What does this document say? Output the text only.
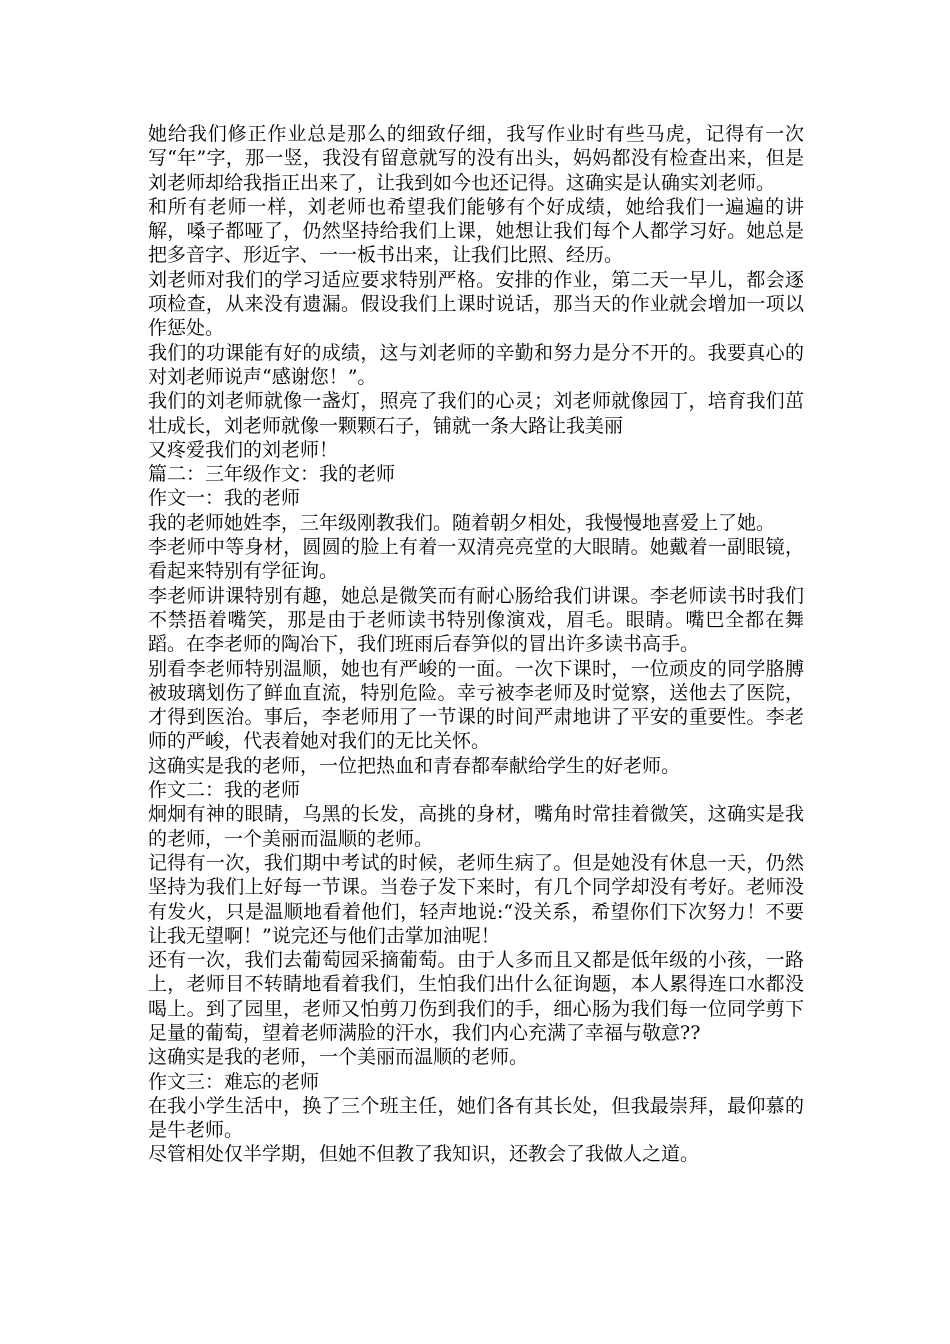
她给我们修正作业总是那么的细致仔细，我写作业时有些马虎，记得有一次写“年”字，那一竖，我没有留意就写的没有出头，妈妈都没有检查出来，但是刘老师却给我指正出来了，让我到如今也还记得。这确实是认确实刘老师。

和所有老师一样，刘老师也希望我们能够有个好成绩，她给我们一遍遍的讲解，嗓子都哑了，仍然坚持给我们上课，她想让我们每个人都学习好。她总是把多音字、形近字、一一板书出来，让我们比照、经历。

刘老师对我们的学习适应要求特别严格。安排的作业，第二天一早儿，都会逐项检查，从来没有遗漏。假设我们上课时说话，那当天的作业就会增加一项以作惩处。

我们的功课能有好的成绩，这与刘老师的辛勤和努力是分不开的。我要真心的对刘老师说声“感谢您！”。

我们的刘老师就像一盏灯，照亮了我们的心灵；刘老师就像园丁，培育我们茁壮成长，刘老师就像一颗颗石子，铺就一条大路让我美丽

又疼爱我们的刘老师！

篇二：三年级作文：我的老师

作文一：我的老师

我的老师她姓李，三年级刚教我们。随着朝夕相处，我慢慢地喜爱上了她。

李老师中等身材，圆圆的脸上有着一双清亮亮堂的大眼睛。她戴着一副眼镜，看起来特别有学征询。

李老师讲课特别有趣，她总是微笑而有耐心肠给我们讲课。李老师读书时我们不禁捂着嘴笑，那是由于老师读书特别像演戏，眉毛。眼睛。嘴巴全都在舞蹈。在李老师的陶冶下，我们班雨后春笋似的冒出许多读书高手。

别看李老师特别温顺，她也有严峻的一面。一次下课时，一位顽皮的同学胳膊被玻璃划伤了鲜血直流，特别危险。幸亏被李老师及时觉察，送他去了医院，才得到医治。事后，李老师用了一节课的时间严肃地讲了平安的重要性。李老师的严峻，代表着她对我们的无比关怀。

这确实是我的老师，一位把热血和青春都奉献给学生的好老师。

作文二：我的老师

炯炯有神的眼睛，乌黑的长发，高挑的身材，嘴角时常挂着微笑，这确实是我的老师，一个美丽而温顺的老师。

记得有一次，我们期中考试的时候，老师生病了。但是她没有休息一天，仍然坚持为我们上好每一节课。当卷子发下来时，有几个同学却没有考好。老师没有发火，只是温顺地看着他们，轻声地说:“没关系，希望你们下次努力！不要让我无望啊！”说完还与他们击掌加油呢！

还有一次，我们去葡萄园采摘葡萄。由于人多而且又都是低年级的小孩，一路上，老师目不转睛地看着我们，生怕我们出什么征询题，本人累得连口水都没喝上。到了园里，老师又怕剪刀伤到我们的手，细心肠为我们每一位同学剪下足量的葡萄，望着老师满脸的汗水，我们内心充满了幸福与敬意??

这确实是我的老师，一个美丽而温顺的老师。

作文三：难忘的老师

在我小学生活中，换了三个班主任，她们各有其长处，但我最崇拜，最仰慕的是牛老师。

尽管相处仅半学期，但她不但教了我知识，还教会了我做人之道。
